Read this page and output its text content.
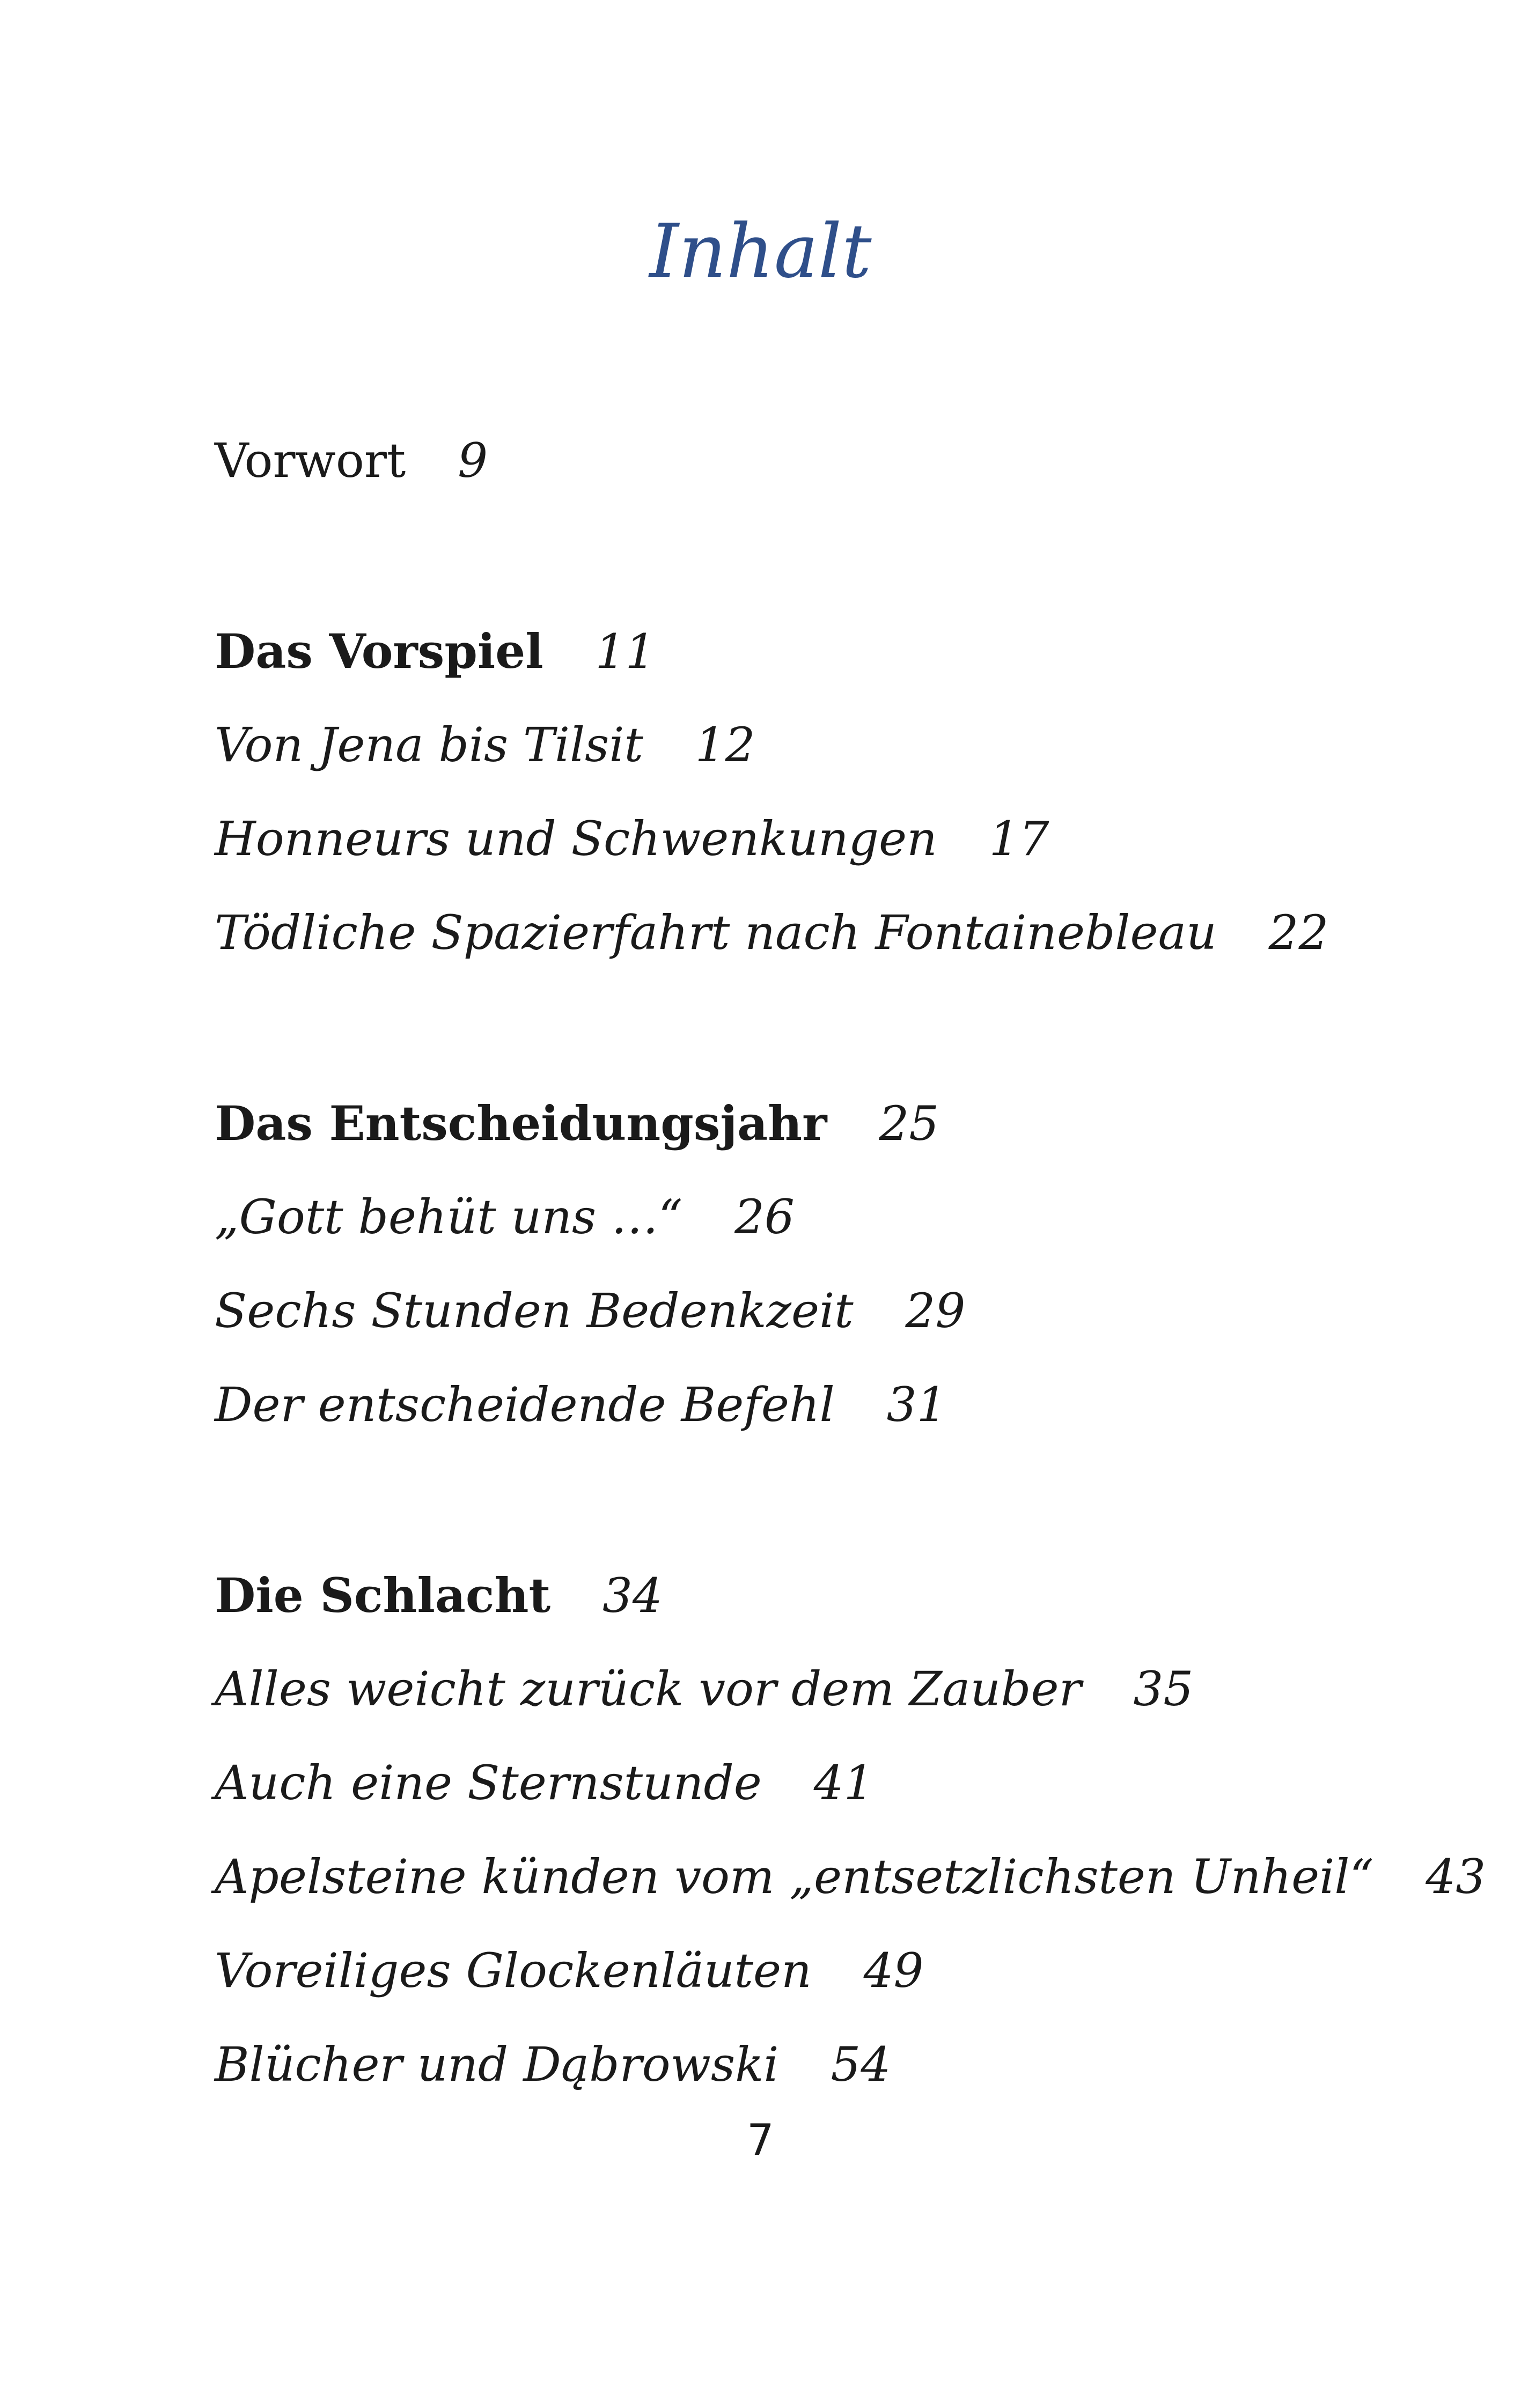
Inhalt
Vorwort 9
Das Vorspiel 11
Von Jena bis Tilsit 12
Honneurs und Schwenkungen 17
Tödliche Spazierfahrt nach Fontainebleau 22
Das Entscheidungsjahr 25
„Gott behüt uns …“ 26
Sechs Stunden Bedenkzeit 29
Der entscheidende Befehl 31
Die Schlacht 34
Alles weicht zurück vor dem Zauber 35
Auch eine Sternstunde 41
Apelsteine künden vom „entsetzlichsten Unheil“ 43
Voreiliges Glockenläuten 49
Blücher und Dąbrowski 54
7
